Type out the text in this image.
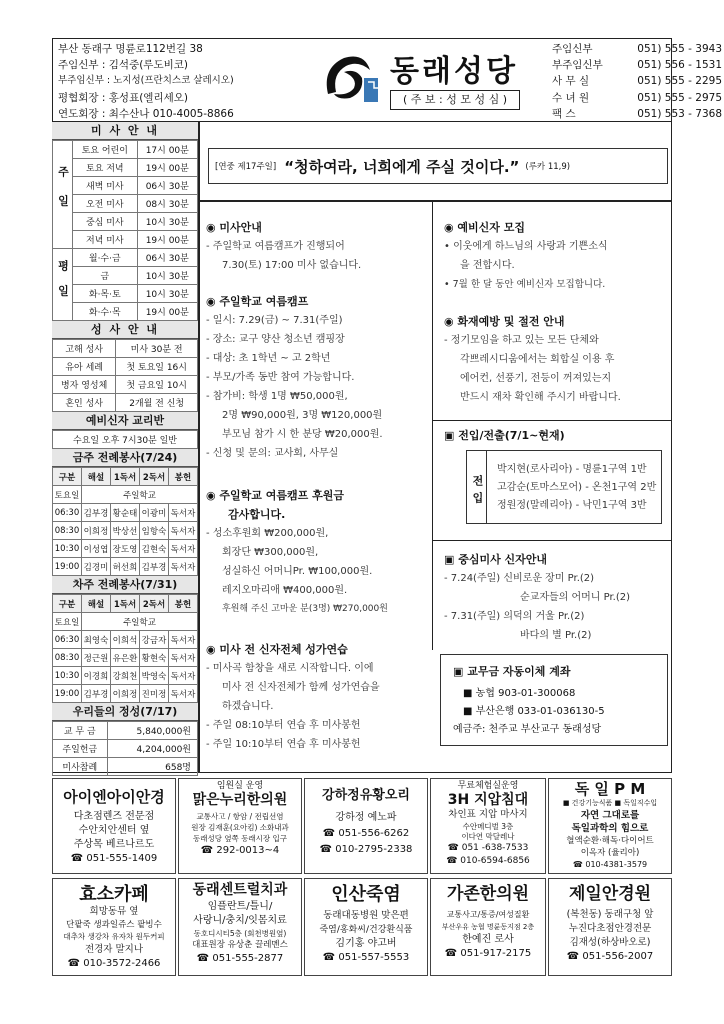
부산 동래구 명륜로112번길 38
주임신부 : 김석중(루도비코)
부주임신부 : 노지성(프란치스코 살레시오)
평협회장 : 홍성표(엘리세오)
연도회장 : 최수산나 010-4005-8866
동래성당
( 주 보 : 성 모 성 심 )
주임신부	051) 555 - 3943
부주임신부	051) 556 - 1531
사 무 실	051) 555 - 2295
수 녀 원	051) 555 - 2975
팩 스	051) 553 - 7368
미 사 안 내
주일	토요 어린이	17시 00분
	토요 저녁	19시 00분
	새벽 미사	06시 30분
	오전 미사	08시 30분
	중심 미사	10시 30분
	저녁 미사	19시 00분
평일	월·수·금	06시 30분
	금	10시 30분
	화·목·토	10시 30분
	화·수·목	19시 00분
성 사 안 내
고해 성사	미사 30분 전
유아 세례	첫 토요일 16시
병자 영성체	첫 금요일 10시
혼인 성사	2개월 전 신청
예비신자 교리반
수요일 오후 7시30분 일반
금주 전례봉사(7/24)
구분	해설	1독서	2독서	봉헌
토요일	주일학교			
06:30	김부경	황순태	이광미	독서자
08:30	이희정	박상선	임항숙	독서자
10:30	이성엽	장도영	김현숙	독서자
19:00	김경미	허선희	김부경	독서자
차주 전례봉사(7/31)
구분	해설	1독서	2독서	봉헌
토요일	주일학교			
06:30	최영숙	이희석	강금자	독서자
08:30	정근원	유은환	황현숙	독서자
10:30	이경희	강희천	박영숙	독서자
19:00	김부경	이희정	진미정	독서자
우리들의 정성(7/17)
교 무 금	5,840,000원
주일헌금	4,204,000원
미사참례	658명
[연중 제17주일] “청하여라, 너희에게 주실 것이다.” (루카 11,9)
◉ 미사안내
- 주일학교 여름캠프가 진행되어
7.30(토) 17:00 미사 없습니다.
◉ 주일학교 여름캠프
- 일시: 7.29(금) ~ 7.31(주일)
- 장소: 교구 양산 청소년 캠핑장
- 대상: 초 1학년 ~ 고 2학년
- 부모/가족 동반 참여 가능합니다.
- 참가비: 학생 1명 ₩50,000원,
2명 ₩90,000원, 3명 ₩120,000원
부모님 참가 시 한 분당 ₩20,000원.
- 신청 및 문의: 교사회, 사무실
◉ 주일학교 여름캠프 후원금
감사합니다.
- 성소후원회 ₩200,000원,
회장단 ₩300,000원,
성실하신 어머니Pr. ₩100,000원.
레지오마리애 ₩400,000원.
후원해 주신 고마운 분(3명) ₩270,000원
◉ 미사 전 신자전체 성가연습
- 미사곡 함창을 새로 시작합니다. 이에
미사 전 신자전체가 함께 성가연습을
하겠습니다.
- 주일 08:10부터 연습 후 미사봉헌
- 주일 10:10부터 연습 후 미사봉헌
◉ 예비신자 모집
• 이웃에게 하느님의 사랑과 기쁜소식
을 전합시다.
• 7월 한 달 동안 예비신자 모집합니다.
◉ 화재예방 및 절전 안내
- 정기모임을 하고 있는 모든 단체와
각쁘레시디움에서는 회합실 이용 후
에어컨, 선풍기, 전등이 꺼져있는지
반드시 재차 확인해 주시기 바랍니다.
▣ 전입/전출(7/1~현재)
전입
박지현(로사리아) - 명륜1구역 1반
고감순(토마스모어) - 온천1구역 2반
정원정(말레리아) - 낙민1구역 3반
▣ 중심미사 신자안내
- 7.24(주일) 신비로운 장미 Pr.(2)
순교자들의 어머니 Pr.(2)
- 7.31(주일) 의덕의 거울 Pr.(2)
바다의 별 Pr.(2)
▣ 교무금 자동이체 계좌
■ 농협 903-01-300068
■ 부산은행 033-01-036130-5
예금주: 천주교 부산교구 동래성당
아이엔아이안경
다초점렌즈 전문점
수안치안센터 옆
주상목 베르나르도
☎ 051-555-1409
임원실 운영
맑은누리한의원
교통사고 / 항암 / 전립선염
원장 김재훈(요아킴) 소화내과
동래성당 옆쪽 동래시장 입구
☎ 292-0013~4
강하정유황오리
강하정 예노파
☎ 051-556-6262
☎ 010-2795-2338
무료체험실운영
3H 지압침대
차인표 지압 마사지
수안메디벌 3층
이다연 막달레나
☎ 051 -638-7533
☎ 010-6594-6856
독 일 P M
■ 건강기능식품 ■ 독일직수입
자연 그대로를
독일과학의 힘으로
혈액순환·해독·다이어트
이옥자 (율리아)
☎ 010-4381-3579
효소카페
희망동뮤 옆
단팥죽 생과일쥬스 팥빙수
대추차 생강차 유자차 원두커피
전경자 말지나
☎ 010-3572-2466
동래센트럴치과
임플란트/틀니/
사랑니/충치/잇몸치료
동호디시티5층 (회천병원옆)
대표원장 유상춘 끌레멘스
☎ 051-555-2877
인산죽염
동래대동병원 맞은편
죽염/홍화씨/건강환식품
김기홍 야고버
☎ 051-557-5553
가존한의원
교통사고/통증/여성질환
부산우유 농협 명륜동지점 2층
한예진 로사
☎ 051-917-2175
제일안경원
(복천동) 동래구청 앞
누진다초점안경전문
김재성(하상바오로)
☎ 051-556-2007
